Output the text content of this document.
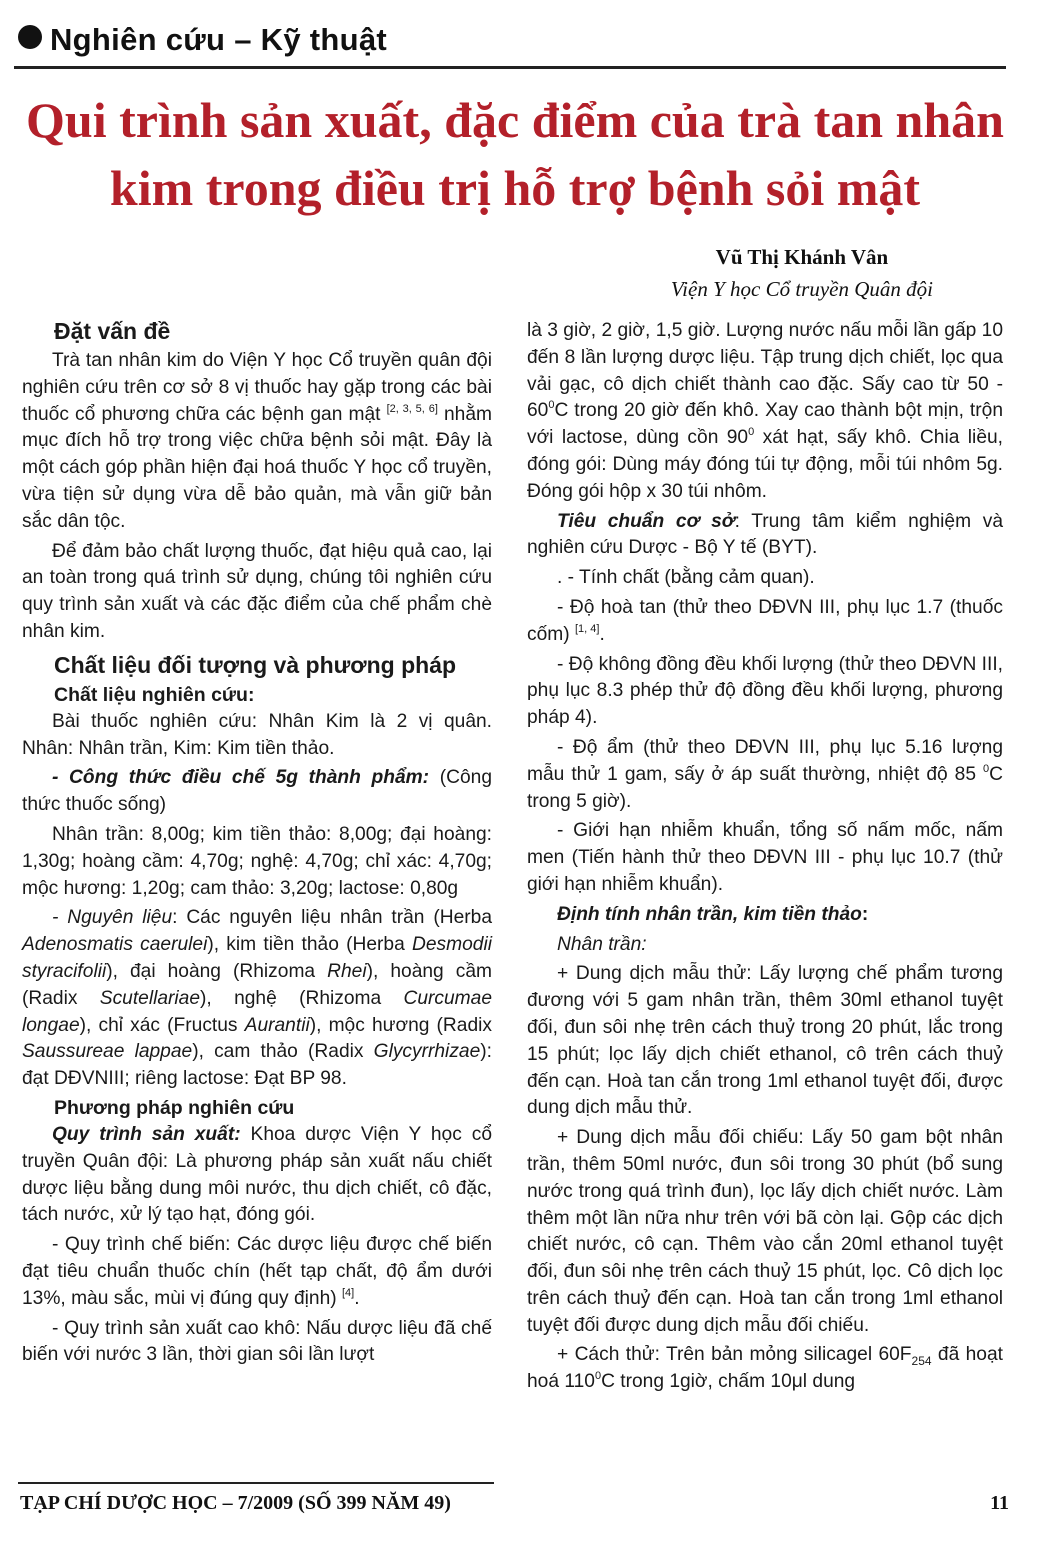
Nghiên cứu – Kỹ thuật
Qui trình sản xuất, đặc điểm của trà tan nhân
kim trong điều trị hỗ trợ bệnh sỏi mật
Vũ Thị Khánh Vân
Viện Y học Cổ truyền Quân đội
Đặt vấn đề

Trà tan nhân kim do Viện Y học Cổ truyền quân đội nghiên cứu trên cơ sở 8 vị thuốc hay gặp trong các bài thuốc cổ phương chữa các bệnh gan mật [2, 3, 5, 6] nhằm mục đích hỗ trợ trong việc chữa bệnh sỏi mật. Đây là một cách góp phần hiện đại hoá thuốc Y học cổ truyền, vừa tiện sử dụng vừa dễ bảo quản, mà vẫn giữ bản sắc dân tộc.

Để đảm bảo chất lượng thuốc, đạt hiệu quả cao, lại an toàn trong quá trình sử dụng, chúng tôi nghiên cứu quy trình sản xuất và các đặc điểm của chế phẩm chè nhân kim.

Chất liệu đối tượng và phương pháp
Chất liệu nghiên cứu:

Bài thuốc nghiên cứu: Nhân Kim là 2 vị quân. Nhân: Nhân trần, Kim: Kim tiền thảo.

- Công thức điều chế 5g thành phẩm: (Công thức thuốc sống)

Nhân trần: 8,00g; kim tiền thảo: 8,00g; đại hoàng: 1,30g; hoàng cầm: 4,70g; nghệ: 4,70g; chỉ xác: 4,70g; mộc hương: 1,20g; cam thảo: 3,20g; lactose: 0,80g

- Nguyên liệu: Các nguyên liệu nhân trần (Herba Adenosmatis caerulei), kim tiền thảo (Herba Desmodii styracifolii), đại hoàng (Rhizoma Rhei), hoàng cầm (Radix Scutellariae), nghệ (Rhizoma Curcumae longae), chỉ xác (Fructus Aurantii), mộc hương (Radix Saussureae lappae), cam thảo (Radix Glycyrrhizae): đạt DĐVNIII; riêng lactose: Đạt BP 98.

Phương pháp nghiên cứu

Quy trình sản xuất: Khoa dược Viện Y học cổ truyền Quân đội: Là phương pháp sản xuất nấu chiết dược liệu bằng dung môi nước, thu dịch chiết, cô đặc, tách nước, xử lý tạo hạt, đóng gói.

- Quy trình chế biến: Các dược liệu được chế biến đạt tiêu chuẩn thuốc chín (hết tạp chất, độ ẩm dưới 13%, màu sắc, mùi vị đúng quy định) [4].

- Quy trình sản xuất cao khô: Nấu dược liệu đã chế biến với nước 3 lần, thời gian sôi lần lượt

là 3 giờ, 2 giờ, 1,5 giờ. Lượng nước nấu mỗi lần gấp 10 đến 8 lần lượng dược liệu. Tập trung dịch chiết, lọc qua vải gạc, cô dịch chiết thành cao đặc. Sấy cao từ $50 - 60^0C$ trong 20 giờ đến khô. Xay cao thành bột mịn, trộn với lactose, dùng cồn $90^0$ xát hạt, sấy khô. Chia liều, đóng gói: Dùng máy đóng túi tự động, mỗi túi nhôm 5g. Đóng gói hộp x 30 túi nhôm.

Tiêu chuẩn cơ sở: Trung tâm kiểm nghiệm và nghiên cứu Dược - Bộ Y tế (BYT).

. - Tính chất (bằng cảm quan).

- Độ hoà tan (thử theo DĐVN III, phụ lục 1.7 (thuốc cốm) [1, 4].

- Độ không đồng đều khối lượng (thử theo DĐVN III, phụ lục 8.3 phép thử độ đồng đều khối lượng, phương pháp 4).

- Độ ẩm (thử theo DĐVN III, phụ lục 5.16 lượng mẫu thử 1 gam, sấy ở áp suất thường, nhiệt độ 85 $^0$C trong 5 giờ).

- Giới hạn nhiễm khuẩn, tổng số nấm mốc, nấm men (Tiến hành thử theo DĐVN III - phụ lục 10.7 (thử giới hạn nhiễm khuẩn).

Định tính nhân trần, kim tiền thảo:

Nhân trần:

+ Dung dịch mẫu thử: Lấy lượng chế phẩm tương đương với 5 gam nhân trần, thêm 30ml ethanol tuyệt đối, đun sôi nhẹ trên cách thuỷ trong 20 phút, lắc trong 15 phút; lọc lấy dịch chiết ethanol, cô trên cách thuỷ đến cạn. Hoà tan cắn trong 1ml ethanol tuyệt đối, được dung dịch mẫu thử.

+ Dung dịch mẫu đối chiếu: Lấy 50 gam bột nhân trần, thêm 50ml nước, đun sôi trong 30 phút (bổ sung nước trong quá trình đun), lọc lấy dịch chiết nước. Làm thêm một lần nữa như trên với bã còn lại. Gộp các dịch chiết nước, cô cạn. Thêm vào cắn 20ml ethanol tuyệt đối, đun sôi nhẹ trên cách thuỷ 15 phút, lọc. Cô dịch lọc trên cách thuỷ đến cạn. Hoà tan cắn trong 1ml ethanol tuyệt đối được dung dịch mẫu đối chiếu.

+ Cách thử: Trên bản mỏng silicagel $60F_{254}$ đã hoạt hoá $110^0C$ trong 1giờ, chấm 10μl dung

TẠP CHÍ DƯỢC HỌC – 7/2009 (SỐ 399 NĂM 49)	11
